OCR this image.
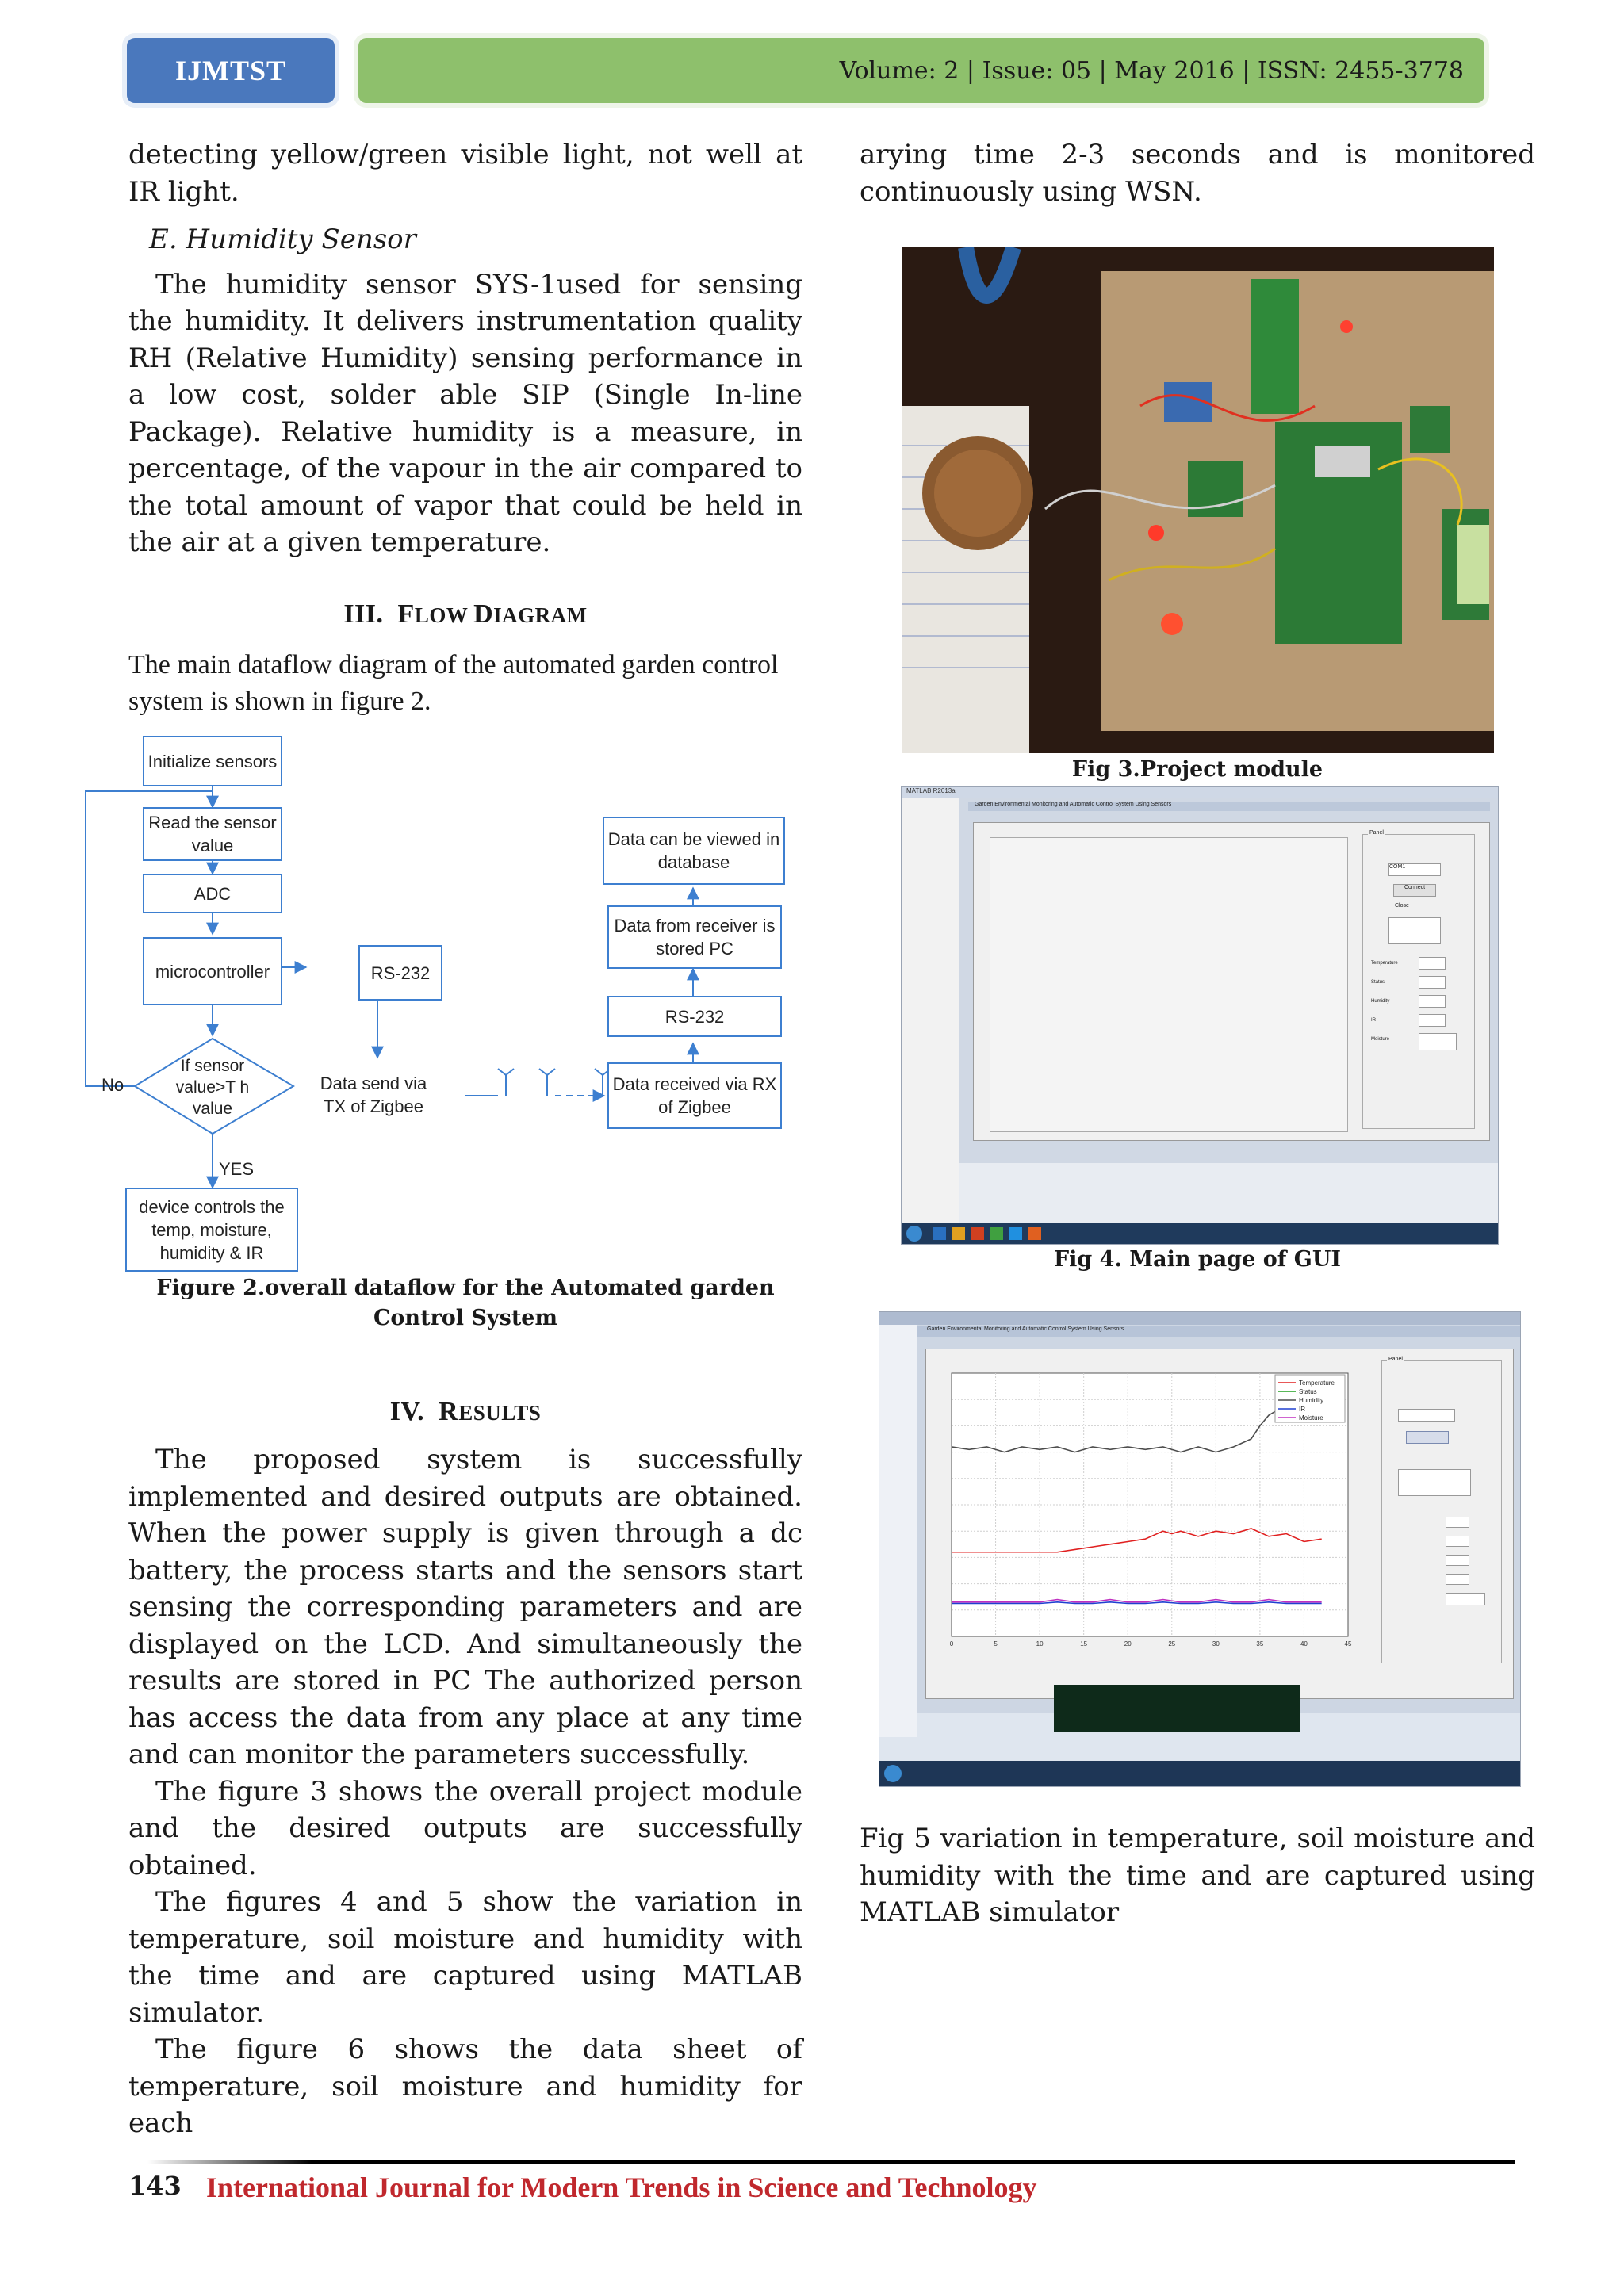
IJMTST	Volume: 2 | Issue: 05 | May 2016 | ISSN: 2455-3778

detecting yellow/green visible light, not well at IR light.

E. Humidity Sensor

The humidity sensor SYS-1used for sensing the humidity. It delivers instrumentation quality RH (Relative Humidity) sensing performance in a low cost, solder able SIP (Single In-line Package). Relative humidity is a measure, in percentage, of the vapour in the air compared to the total amount of vapor that could be held in the air at a given temperature.

III. FLOW DIAGRAM
The main dataflow diagram of the automated garden control system is shown in figure 2.
Initialize sensors
Read the sensor value
ADC
microcontroller	RS-232
If sensor value>T h value
No
YES
device controls the temp, moisture, humidity & IR
Data send via TX of Zigbee
Data received via RX of Zigbee
RS-232
Data from receiver is stored PC
Data can be viewed in database
Figure 2.overall dataflow for the Automated garden Control System
IV. RESULTS

The proposed system is successfully implemented and desired outputs are obtained. When the power supply is given through a dc battery, the process starts and the sensors start sensing the corresponding parameters and are displayed on the LCD. And simultaneously the results are stored in PC The authorized person has access the data from any place at any time and can monitor the parameters successfully.

The figure 3 shows the overall project module and the desired outputs are successfully obtained.

The figures 4 and 5 show the variation in temperature, soil moisture and humidity with the time and are captured using MATLAB simulator.

The figure 6 shows the data sheet of temperature, soil moisture and humidity for each

arying time 2-3 seconds and is monitored continuously using WSN.
Fig 3.Project module
MATLAB R2013a
Garden Environmental Monitoring and Automatic Control System Using Sensors
Panel
COM1
Connect
Close
Temperature
Status
Humidity
IR
Moisture
Fig 4. Main page of GUI
Garden Environmental Monitoring and Automatic Control System Using Sensors
0	5	10	15	20	25	30	35	40	45
Temperature
Status
Humidity
IR
Moisture
Panel
Fig 5 variation in temperature, soil moisture and humidity with the time and are captured using MATLAB simulator
143 International Journal for Modern Trends in Science and Technology
